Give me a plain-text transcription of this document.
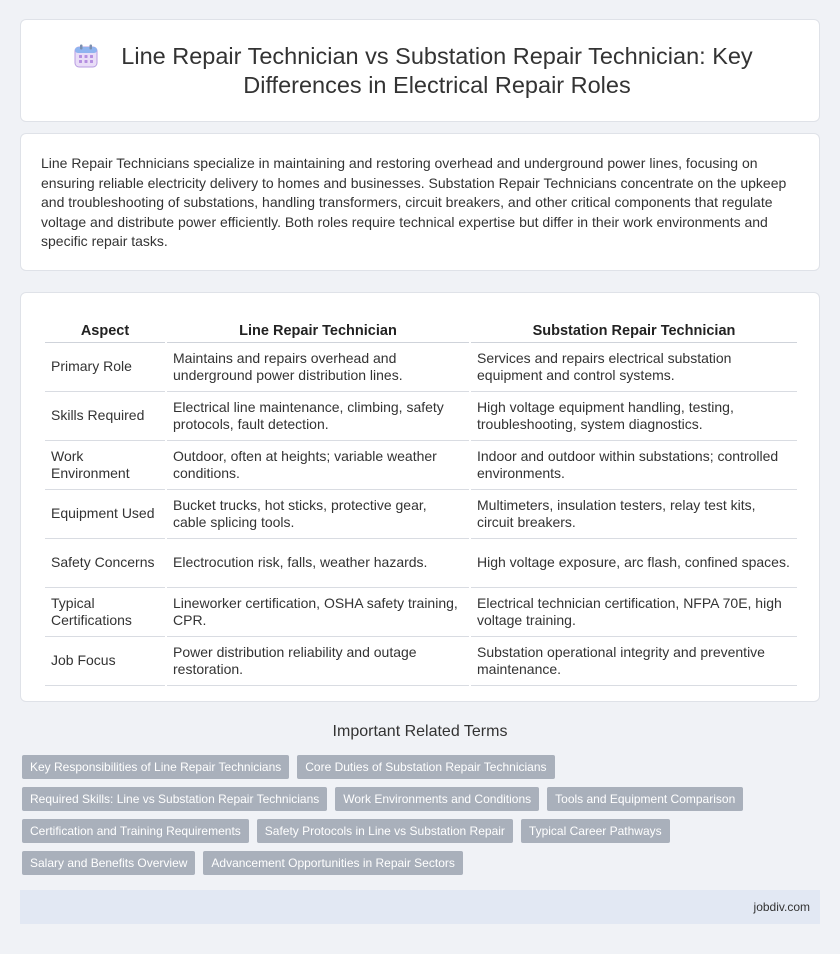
Line Repair Technician vs Substation Repair Technician: Key Differences in Electrical Repair Roles

Line Repair Technicians specialize in maintaining and restoring overhead and underground power lines, focusing on ensuring reliable electricity delivery to homes and businesses. Substation Repair Technicians concentrate on the upkeep and troubleshooting of substations, handling transformers, circuit breakers, and other critical components that regulate voltage and distribute power efficiently. Both roles require technical expertise but differ in their work environments and specific repair tasks.

Aspect	Line Repair Technician	Substation Repair Technician
Primary Role	Maintains and repairs overhead and underground power distribution lines.	Services and repairs electrical substation equipment and control systems.
Skills Required	Electrical line maintenance, climbing, safety protocols, fault detection.	High voltage equipment handling, testing, troubleshooting, system diagnostics.
Work Environment	Outdoor, often at heights; variable weather conditions.	Indoor and outdoor within substations; controlled environments.
Equipment Used	Bucket trucks, hot sticks, protective gear, cable splicing tools.	Multimeters, insulation testers, relay test kits, circuit breakers.
Safety Concerns	Electrocution risk, falls, weather hazards.	High voltage exposure, arc flash, confined spaces.
Typical Certifications	Lineworker certification, OSHA safety training, CPR.	Electrical technician certification, NFPA 70E, high voltage training.
Job Focus	Power distribution reliability and outage restoration.	Substation operational integrity and preventive maintenance.
Important Related Terms
Key Responsibilities of Line Repair Technicians	Core Duties of Substation Repair Technicians
Required Skills: Line vs Substation Repair Technicians	Work Environments and Conditions	Tools and Equipment Comparison
Certification and Training Requirements	Safety Protocols in Line vs Substation Repair	Typical Career Pathways
Salary and Benefits Overview	Advancement Opportunities in Repair Sectors
jobdiv.com
